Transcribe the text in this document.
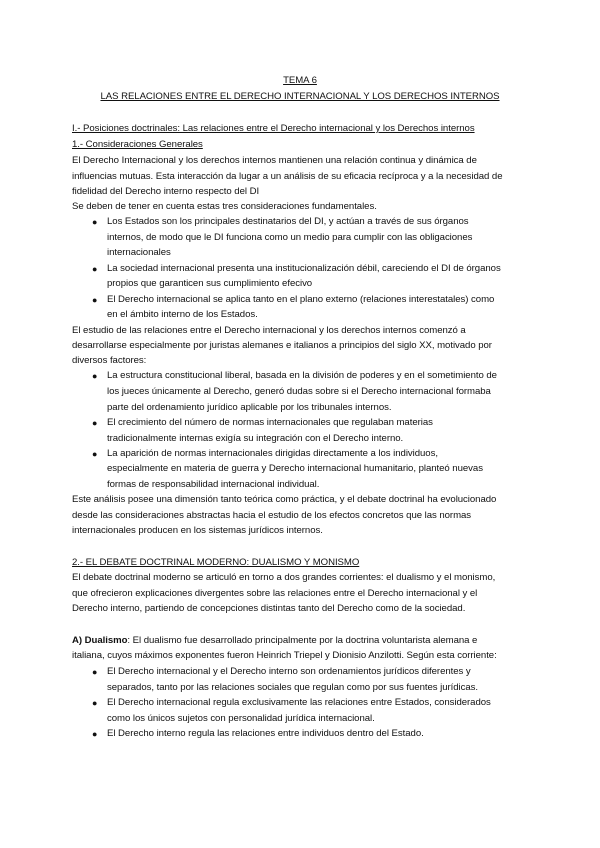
TEMA 6
LAS RELACIONES ENTRE EL DERECHO INTERNACIONAL Y LOS DERECHOS INTERNOS
I.- Posiciones doctrinales: Las relaciones entre el Derecho internacional y los Derechos internos
1.- Consideraciones Generales
El Derecho Internacional y los derechos internos mantienen una relación continua y dinámica de
influencias mutuas. Esta interacción da lugar a un análisis de su eficacia recíproca y a la necesidad de
fidelidad del Derecho interno respecto del DI
Se deben de tener en cuenta estas tres consideraciones fundamentales.
● Los Estados son los principales destinatarios del DI, y actúan a través de sus órganos
internos, de modo que le DI funciona como un medio para cumplir con las obligaciones
internacionales
● La sociedad internacional presenta una institucionalización débil, careciendo el DI de órganos
propios que garanticen sus cumplimiento efecivo
● El Derecho internacional se aplica tanto en el plano externo (relaciones interestatales) como
en el ámbito interno de los Estados.
El estudio de las relaciones entre el Derecho internacional y los derechos internos comenzó a
desarrollarse especialmente por juristas alemanes e italianos a principios del siglo XX, motivado por
diversos factores:
● La estructura constitucional liberal, basada en la división de poderes y en el sometimiento de
los jueces únicamente al Derecho, generó dudas sobre si el Derecho internacional formaba
parte del ordenamiento jurídico aplicable por los tribunales internos.
● El crecimiento del número de normas internacionales que regulaban materias
tradicionalmente internas exigía su integración con el Derecho interno.
● La aparición de normas internacionales dirigidas directamente a los individuos,
especialmente en materia de guerra y Derecho internacional humanitario, planteó nuevas
formas de responsabilidad internacional individual.
Este análisis posee una dimensión tanto teórica como práctica, y el debate doctrinal ha evolucionado
desde las consideraciones abstractas hacia el estudio de los efectos concretos que las normas
internacionales producen en los sistemas jurídicos internos.
2.- EL DEBATE DOCTRINAL MODERNO: DUALISMO Y MONISMO
El debate doctrinal moderno se articuló en torno a dos grandes corrientes: el dualismo y el monismo,
que ofrecieron explicaciones divergentes sobre las relaciones entre el Derecho internacional y el
Derecho interno, partiendo de concepciones distintas tanto del Derecho como de la sociedad.
A) Dualismo: El dualismo fue desarrollado principalmente por la doctrina voluntarista alemana e
italiana, cuyos máximos exponentes fueron Heinrich Triepel y Dionisio Anzilotti. Según esta corriente:
● El Derecho internacional y el Derecho interno son ordenamientos jurídicos diferentes y
separados, tanto por las relaciones sociales que regulan como por sus fuentes jurídicas.
● El Derecho internacional regula exclusivamente las relaciones entre Estados, considerados
como los únicos sujetos con personalidad jurídica internacional.
● El Derecho interno regula las relaciones entre individuos dentro del Estado.
